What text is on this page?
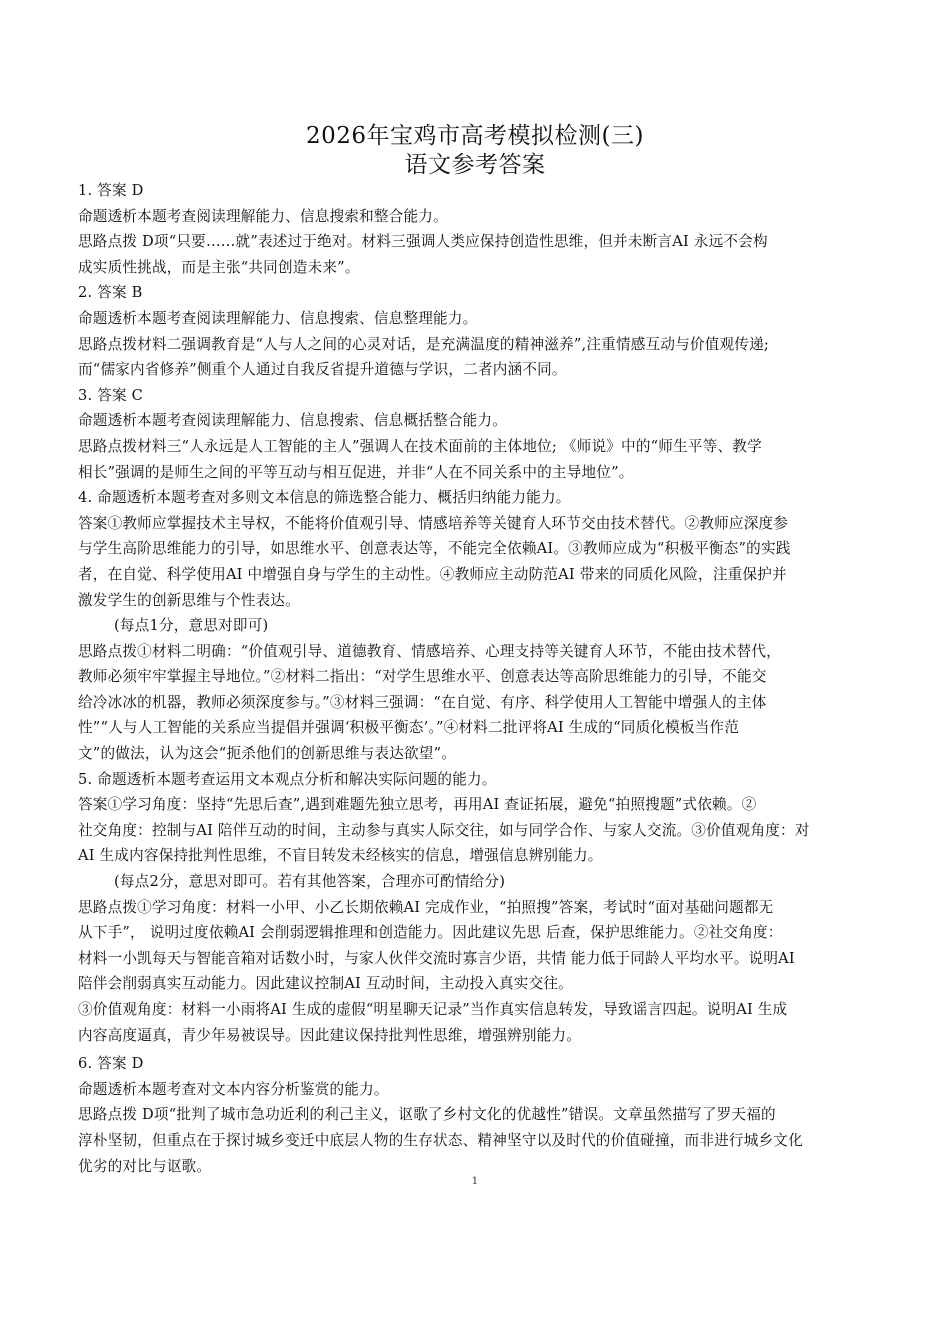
2026年宝鸡市高考模拟检测(三)
语文参考答案

1. 答案 D

命题透析本题考查阅读理解能力、信息搜索和整合能力。

思路点拨 D项“只要……就”表述过于绝对。材料三强调人类应保持创造性思维，但并未断言AI 永远不会构

成实质性挑战，而是主张“共同创造未来”。

2. 答案 B

命题透析本题考查阅读理解能力、信息搜索、信息整理能力。

思路点拨材料二强调教育是“人与人之间的心灵对话，是充满温度的精神滋养”,注重情感互动与价值观传递;

而“儒家内省修养”侧重个人通过自我反省提升道德与学识，二者内涵不同。

3. 答案 C

命题透析本题考查阅读理解能力、信息搜索、信息概括整合能力。

思路点拨材料三“人永远是人工智能的主人”强调人在技术面前的主体地位; 《师说》中的“师生平等、教学

相长”强调的是师生之间的平等互动与相互促进，并非“人在不同关系中的主导地位”。

4. 命题透析本题考查对多则文本信息的筛选整合能力、概括归纳能力能力。

答案①教师应掌握技术主导权，不能将价值观引导、情感培养等关键育人环节交由技术替代。②教师应深度参

与学生高阶思维能力的引导，如思维水平、创意表达等，不能完全依赖AI。③教师应成为“积极平衡态”的实践

者，在自觉、科学使用AI 中增强自身与学生的主动性。④教师应主动防范AI 带来的同质化风险，注重保护并

激发学生的创新思维与个性表达。

(每点1分，意思对即可)

思路点拨①材料二明确：“价值观引导、道德教育、情感培养、心理支持等关键育人环节，不能由技术替代，

教师必须牢牢掌握主导地位。”②材料二指出：“对学生思维水平、创意表达等高阶思维能力的引导，不能交

给冷冰冰的机器，教师必须深度参与。”③材料三强调：“在自觉、有序、科学使用人工智能中增强人的主体

性”“人与人工智能的关系应当提倡并强调‘积极平衡态’。”④材料二批评将AI 生成的“同质化模板当作范

文”的做法，认为这会“扼杀他们的创新思维与表达欲望”。

5. 命题透析本题考查运用文本观点分析和解决实际问题的能力。

答案①学习角度：坚持“先思后查”,遇到难题先独立思考，再用AI 查证拓展，避免“拍照搜题”式依赖。②

社交角度：控制与AI 陪伴互动的时间，主动参与真实人际交往，如与同学合作、与家人交流。③价值观角度：对

AI 生成内容保持批判性思维，不盲目转发未经核实的信息，增强信息辨别能力。

(每点2分，意思对即可。若有其他答案，合理亦可酌情给分)

思路点拨①学习角度：材料一小甲、小乙长期依赖AI 完成作业，“拍照搜”答案，考试时“面对基础问题都无

从下手”， 说明过度依赖AI 会削弱逻辑推理和创造能力。因此建议先思 后查，保护思维能力。②社交角度：

材料一小凯每天与智能音箱对话数小时，与家人伙伴交流时寡言少语，共情 能力低于同龄人平均水平。说明AI

陪伴会削弱真实互动能力。因此建议控制AI 互动时间，主动投入真实交往。

③价值观角度：材料一小雨将AI 生成的虚假“明星聊天记录”当作真实信息转发，导致谣言四起。说明AI 生成

内容高度逼真，青少年易被误导。因此建议保持批判性思维，增强辨别能力。

6. 答案 D

命题透析本题考查对文本内容分析鉴赏的能力。

思路点拨 D项“批判了城市急功近利的利己主义，讴歌了乡村文化的优越性”错误。文章虽然描写了罗天福的

淳朴坚韧，但重点在于探讨城乡变迁中底层人物的生存状态、精神坚守以及时代的价值碰撞，而非进行城乡文化

优劣的对比与讴歌。

1
